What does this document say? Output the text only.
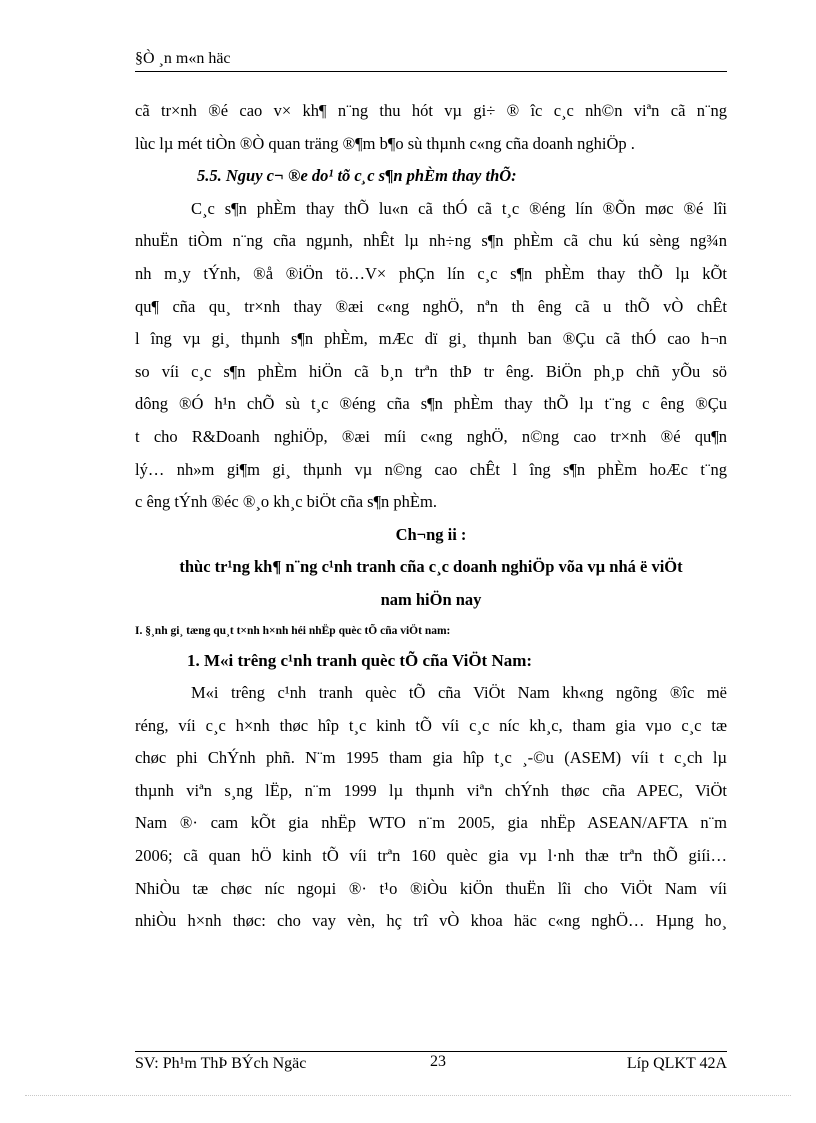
§Ò ¸n m«n häc
cã tr×nh ®é cao v× kh¶ n¨ng thu hót vµ gi÷ ® îc c¸c nh©n viªn cã n¨ng
lùc lµ mét tiÒn ®Ò quan träng ®¶m b¶o sù thµnh c«ng cña doanh nghiÖp .
5.5. Nguy c¬ ®e do¹ tõ c¸c s¶n phÈm thay thÕ:
C¸c s¶n phÈm thay thÕ lu«n cã thÓ cã t¸c ®éng lín ®Õn møc ®é lîi
nhuËn tiÒm n¨ng cña ngµnh, nhÊt lµ nh÷ng s¶n phÈm cã chu kú sèng ng¾n
nh m¸y tÝnh, ®å ®iÖn tö…V× phÇn lín c¸c s¶n phÈm thay thÕ lµ kÕt
qu¶ cña qu¸ tr×nh thay ®æi c«ng nghÖ, nªn th êng cã u thÕ vÒ chÊt
l îng vµ gi¸ thµnh s¶n phÈm, mÆc dï gi¸ thµnh ban ®Çu cã thÓ cao h¬n
so víi c¸c s¶n phÈm hiÖn cã b¸n trªn thÞ tr êng. BiÖn ph¸p chñ yÕu sö
dông ®Ó h¹n chÕ sù t¸c ®éng cña s¶n phÈm thay thÕ lµ t¨ng c êng ®Çu
t cho R&Doanh nghiÖp, ®æi míi c«ng nghÖ, n©ng cao tr×nh ®é qu¶n
lý… nh»m gi¶m gi¸ thµnh vµ n©ng cao chÊt l îng s¶n phÈm hoÆc t¨ng
c êng tÝnh ®éc ®¸o kh¸c biÖt cña s¶n phÈm.
Ch¬ng ii :
thùc tr¹ng kh¶ n¨ng c¹nh tranh cña c¸c doanh nghiÖp võa vµ nhá ë viÖt
nam hiÖn nay
I. §¸nh gi¸ tæng qu¸t t×nh h×nh héi nhËp quèc tÕ cña viÖt nam:
1. M«i trêng c¹nh tranh quèc tÕ cña ViÖt Nam:
M«i trêng c¹nh tranh quèc tÕ cña ViÖt Nam kh«ng ngõng ®îc më
réng, víi c¸c h×nh thøc hîp t¸c kinh tÕ víi c¸c níc kh¸c, tham gia vµo c¸c tæ
chøc phi ChÝnh phñ. N¨m 1995 tham gia hîp t¸c ¸-©u (ASEM) víi t c¸ch lµ
thµnh viªn s¸ng lËp, n¨m 1999 lµ thµnh viªn chÝnh thøc cña APEC, ViÖt
Nam ®· cam kÕt gia nhËp WTO n¨m 2005, gia nhËp ASEAN/AFTA n¨m
2006; cã quan hÖ kinh tÕ víi trªn 160 quèc gia vµ l·nh thæ trªn thÕ giíi…
NhiÒu tæ chøc níc ngoµi ®· t¹o ®iÒu kiÖn thuËn lîi cho ViÖt Nam víi
nhiÒu h×nh thøc: cho vay vèn, hç trî vÒ khoa häc c«ng nghÖ… Hµng ho¸
SV: Ph¹m ThÞ BÝch Ngäc	23	Líp QLKT 42A
